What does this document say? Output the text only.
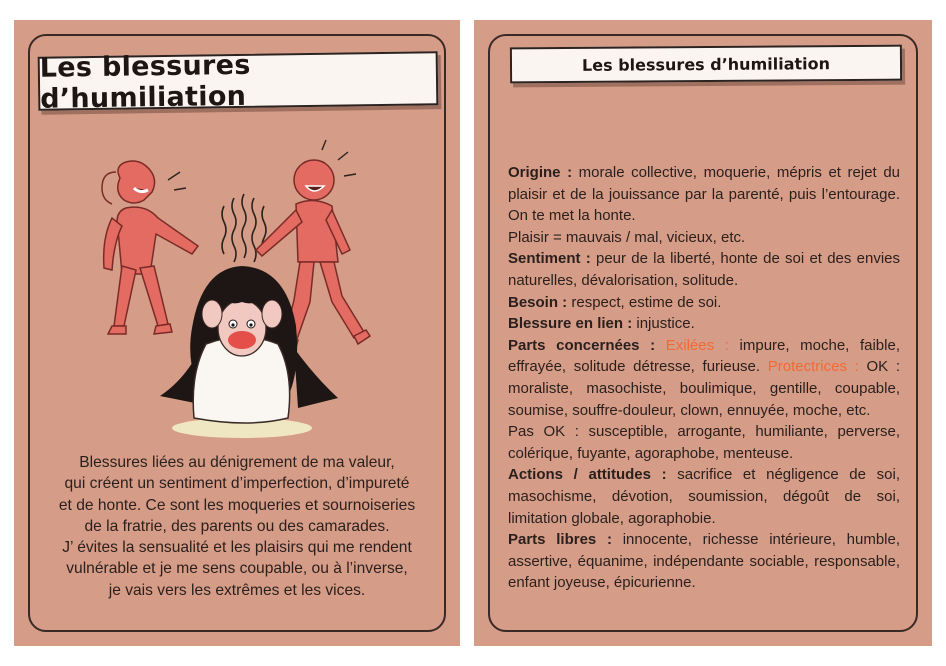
Les blessures d’humiliation
Blessures liées au dénigrement de ma valeur,
qui créent un sentiment d’imperfection, d’impureté
et de honte. Ce sont les moqueries et sournoiseries
de la fratrie, des parents ou des camarades.
J’ évites la sensualité et les plaisirs qui me rendent
vulnérable et je me sens coupable, ou à l’inverse,
je vais vers les extrêmes et les vices.
Les blessures d’humiliation

Origine : morale collective, moquerie, mépris et rejet du plaisir et de la jouissance par la parenté, puis l’entourage. On te met la honte.

Plaisir = mauvais / mal, vicieux, etc.

Sentiment : peur de la liberté, honte de soi et des envies naturelles, dévalorisation, solitude.

Besoin : respect, estime de soi.

Blessure en lien : injustice.

Parts concernées : Exilées : impure, moche, faible, effrayée, solitude détresse, furieuse. Protectrices : OK : moraliste, masochiste, boulimique, gentille, coupable, soumise, souffre-douleur, clown, ennuyée, moche, etc.

Pas OK : susceptible, arrogante, humiliante, perverse, colérique, fuyante, agoraphobe, menteuse.

Actions / attitudes : sacrifice et négligence de soi, masochisme, dévotion, soumission, dégoût de soi, limitation globale, agoraphobie.

Parts libres : innocente, richesse intérieure, humble, assertive, équanime, indépendante sociable, responsable, enfant joyeuse, épicurienne.
